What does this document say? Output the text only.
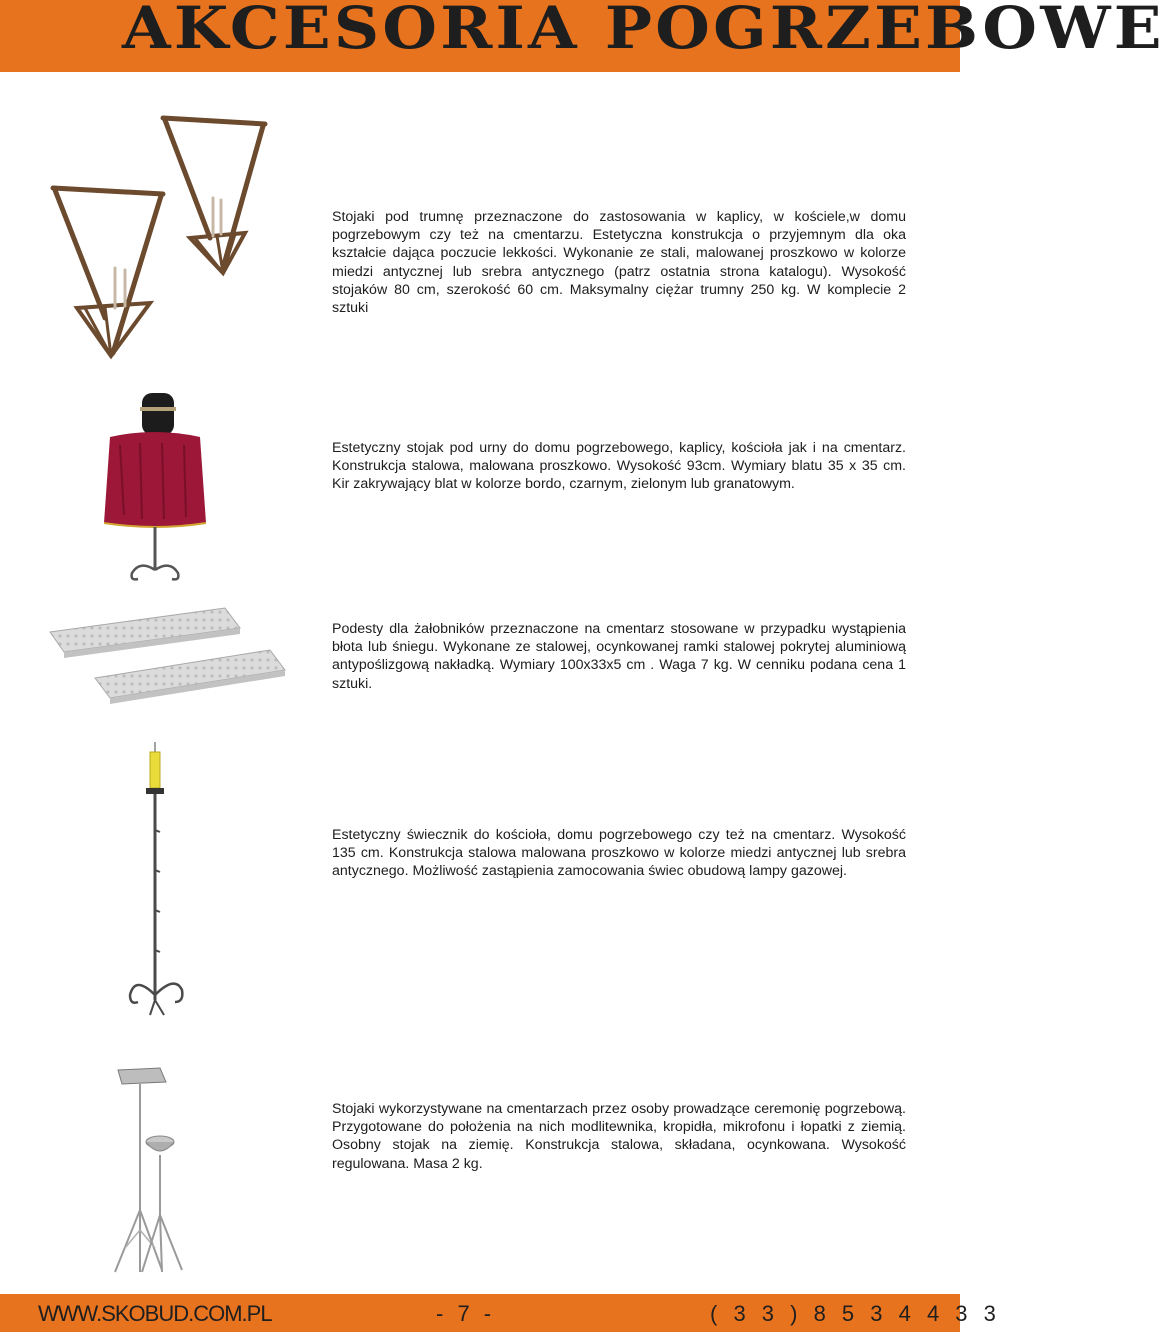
AKCESORIA POGRZEBOWE

Stojaki pod trumnę przeznaczone do zastosowania w kaplicy, w kościele,w domu pogrzebowym czy też na cmentarzu. Estetyczna konstrukcja o przyjemnym dla oka kształcie dająca poczucie lekkości. Wykonanie ze stali, malowanej proszkowo w kolorze miedzi antycznej lub srebra antycznego (patrz ostatnia strona katalogu). Wysokość stojaków 80 cm, szerokość 60 cm. Maksymalny ciężar trumny 250 kg. W komplecie 2 sztuki

Estetyczny stojak pod urny do domu pogrzebowego, kaplicy, kościoła jak i na cmentarz. Konstrukcja stalowa, malowana proszkowo. Wysokość 93cm. Wymiary blatu 35 x 35 cm. Kir zakrywający blat w kolorze bordo, czarnym, zielonym lub granatowym.

Podesty dla żałobników przeznaczone na cmentarz stosowane w przypadku wystąpienia błota lub śniegu. Wykonane ze stalowej, ocynkowanej ramki stalowej pokrytej aluminiową antypoślizgową nakładką. Wymiary 100x33x5 cm . Waga 7 kg. W cenniku podana cena 1 sztuki.

Estetyczny świecznik do kościoła, domu pogrzebowego czy też na cmentarz. Wysokość 135 cm. Konstrukcja stalowa malowana proszkowo w kolorze miedzi antycznej lub srebra antycznego. Możliwość zastąpienia zamocowania świec obudową lampy gazowej.

Stojaki wykorzystywane na cmentarzach przez osoby prowadzące ceremonię pogrzebową. Przygotowane do położenia na nich modlitewnika, kropidła, mikrofonu i łopatki z ziemią. Osobny stojak na ziemię. Konstrukcja stalowa, składana, ocynkowana. Wysokość regulowana. Masa 2 kg.

WWW.SKOBUD.COM.PL	- 7 -	( 3 3 ) 8 5 3 4 4 3 3
